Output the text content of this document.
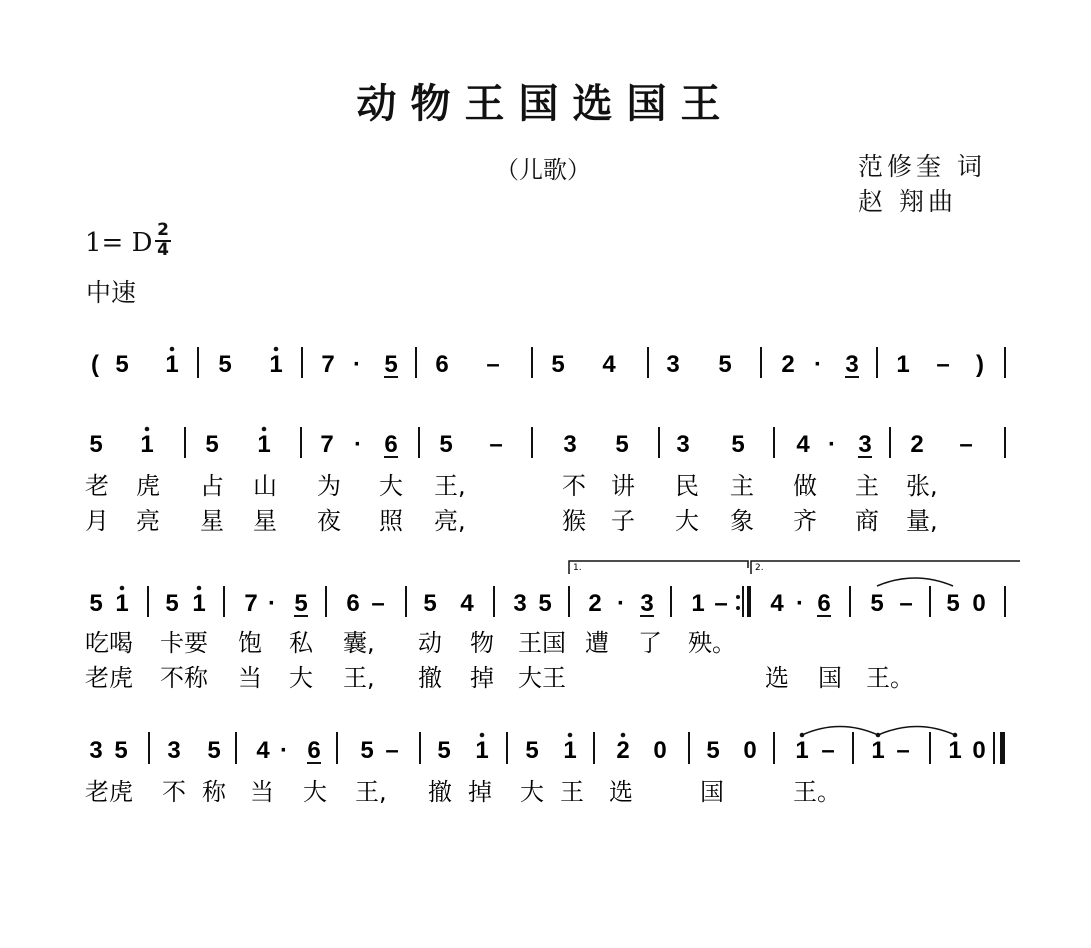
动物王国选国王
（儿歌）	范修奎 词
赵 翔曲
1= D $\frac{2}{4}$
中速
( 5 1 5 1 7 · 5 6 – 5 4 3 5 2 · 3 1 – )
5 1 5 1 7 · 6 5 –	3 5 3 5 4 · 3 2 –
5 1 5 1 7 · 5 6 – 5 4 3 5 2 · 3 1 – 4 · 6 5 – 5 0
1.	2.
3 5 3 5 4 · 6 5 – 5 1 5 1 2 0 5 0 1 – 1 – 1 0
老 虎 占 山 为 大 王,	不 讲 民 主 做 主 张,
月 亮 星 星 夜 照 亮,	猴 子 大 象 齐 商 量,
吃喝 卡要 饱 私 囊, 动 物 王国 遭 了 殃。
老虎 不称 当 大 王, 撤 掉 大王	选 国 王。
老虎 不 称 当 大 王, 撤 掉 大 王 选	国	王。
